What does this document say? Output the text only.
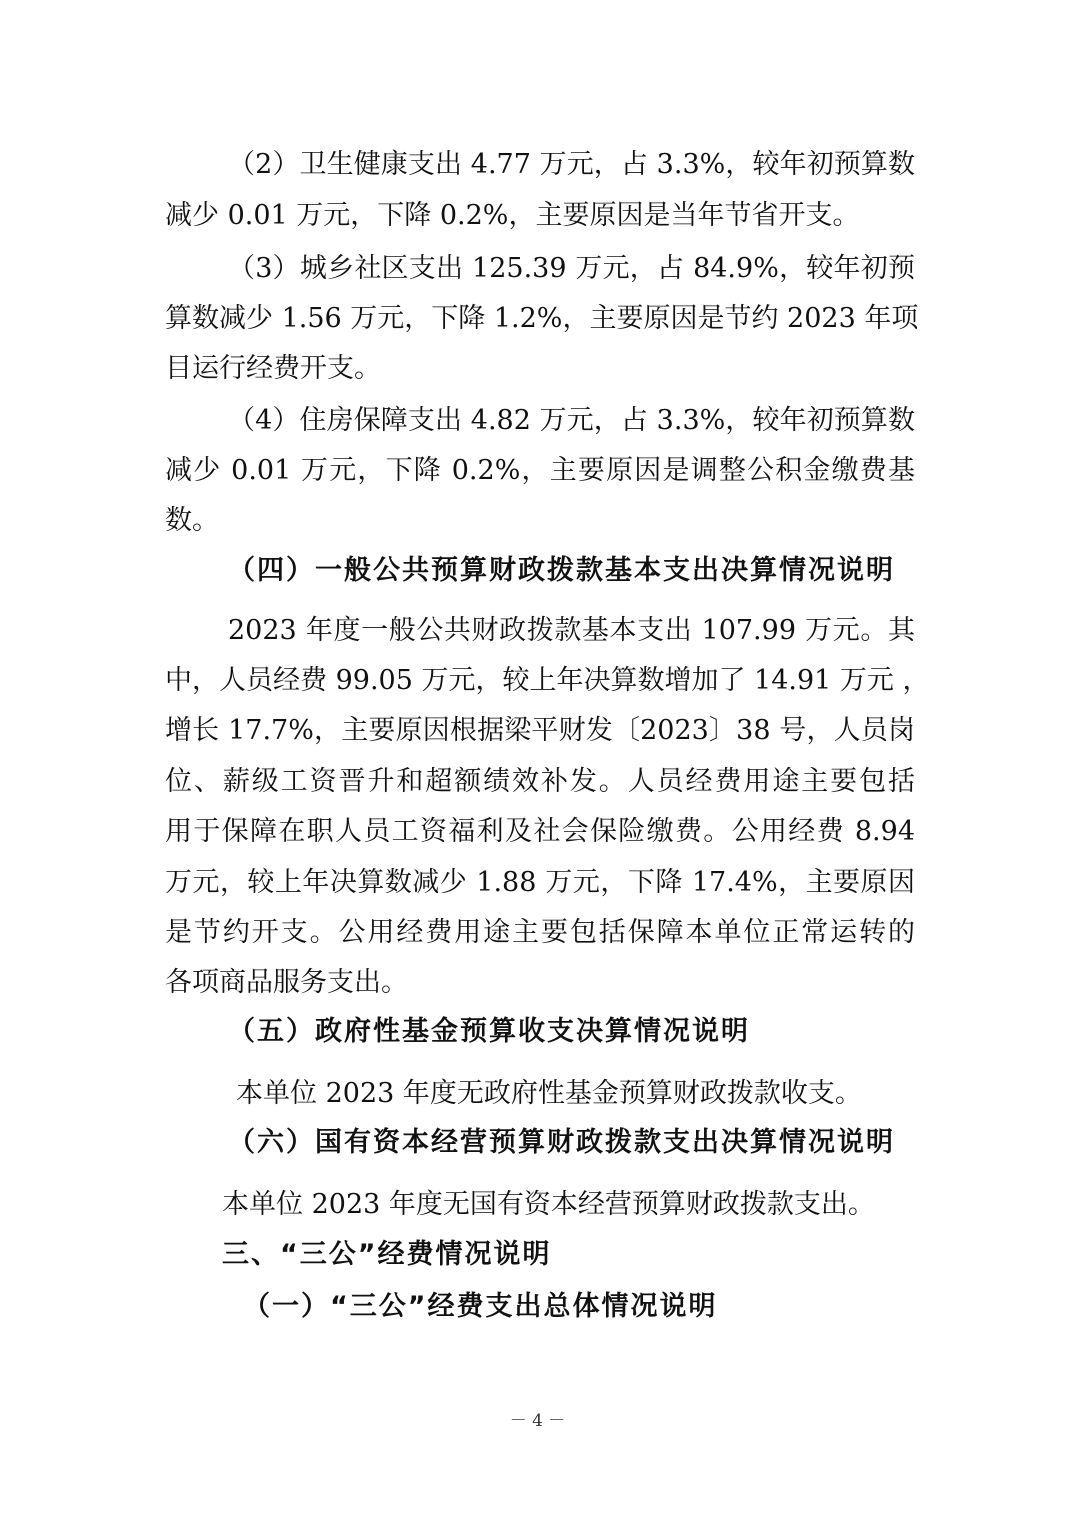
（2）卫生健康支出 4.77 万元，占 3.3%，较年初预算数
减少 0.01 万元，下降 0.2%，主要原因是当年节省开支。
（3）城乡社区支出 125.39 万元，占 84.9%，较年初预
算数减少 1.56 万元，下降 1.2%，主要原因是节约 2023 年项
目运行经费开支。
（4）住房保障支出 4.82 万元，占 3.3%，较年初预算数
减少 0.01 万元，下降 0.2%，主要原因是调整公积金缴费基
数。
（四）一般公共预算财政拨款基本支出决算情况说明
2023 年度一般公共财政拨款基本支出 107.99 万元。其
中，人员经费 99.05 万元，较上年决算数增加了 14.91 万元 ，
增长 17.7%，主要原因根据梁平财发〔2023〕38 号，人员岗
位、薪级工资晋升和超额绩效补发。人员经费用途主要包括
用于保障在职人员工资福利及社会保险缴费。公用经费 8.94
万元，较上年决算数减少 1.88 万元，下降 17.4%，主要原因
是节约开支。公用经费用途主要包括保障本单位正常运转的
各项商品服务支出。
（五）政府性基金预算收支决算情况说明
本单位 2023 年度无政府性基金预算财政拨款收支。
（六）国有资本经营预算财政拨款支出决算情况说明
本单位 2023 年度无国有资本经营预算财政拨款支出。
三、“三公”经费情况说明
（一）“三公”经费支出总体情况说明
－ 4 －
